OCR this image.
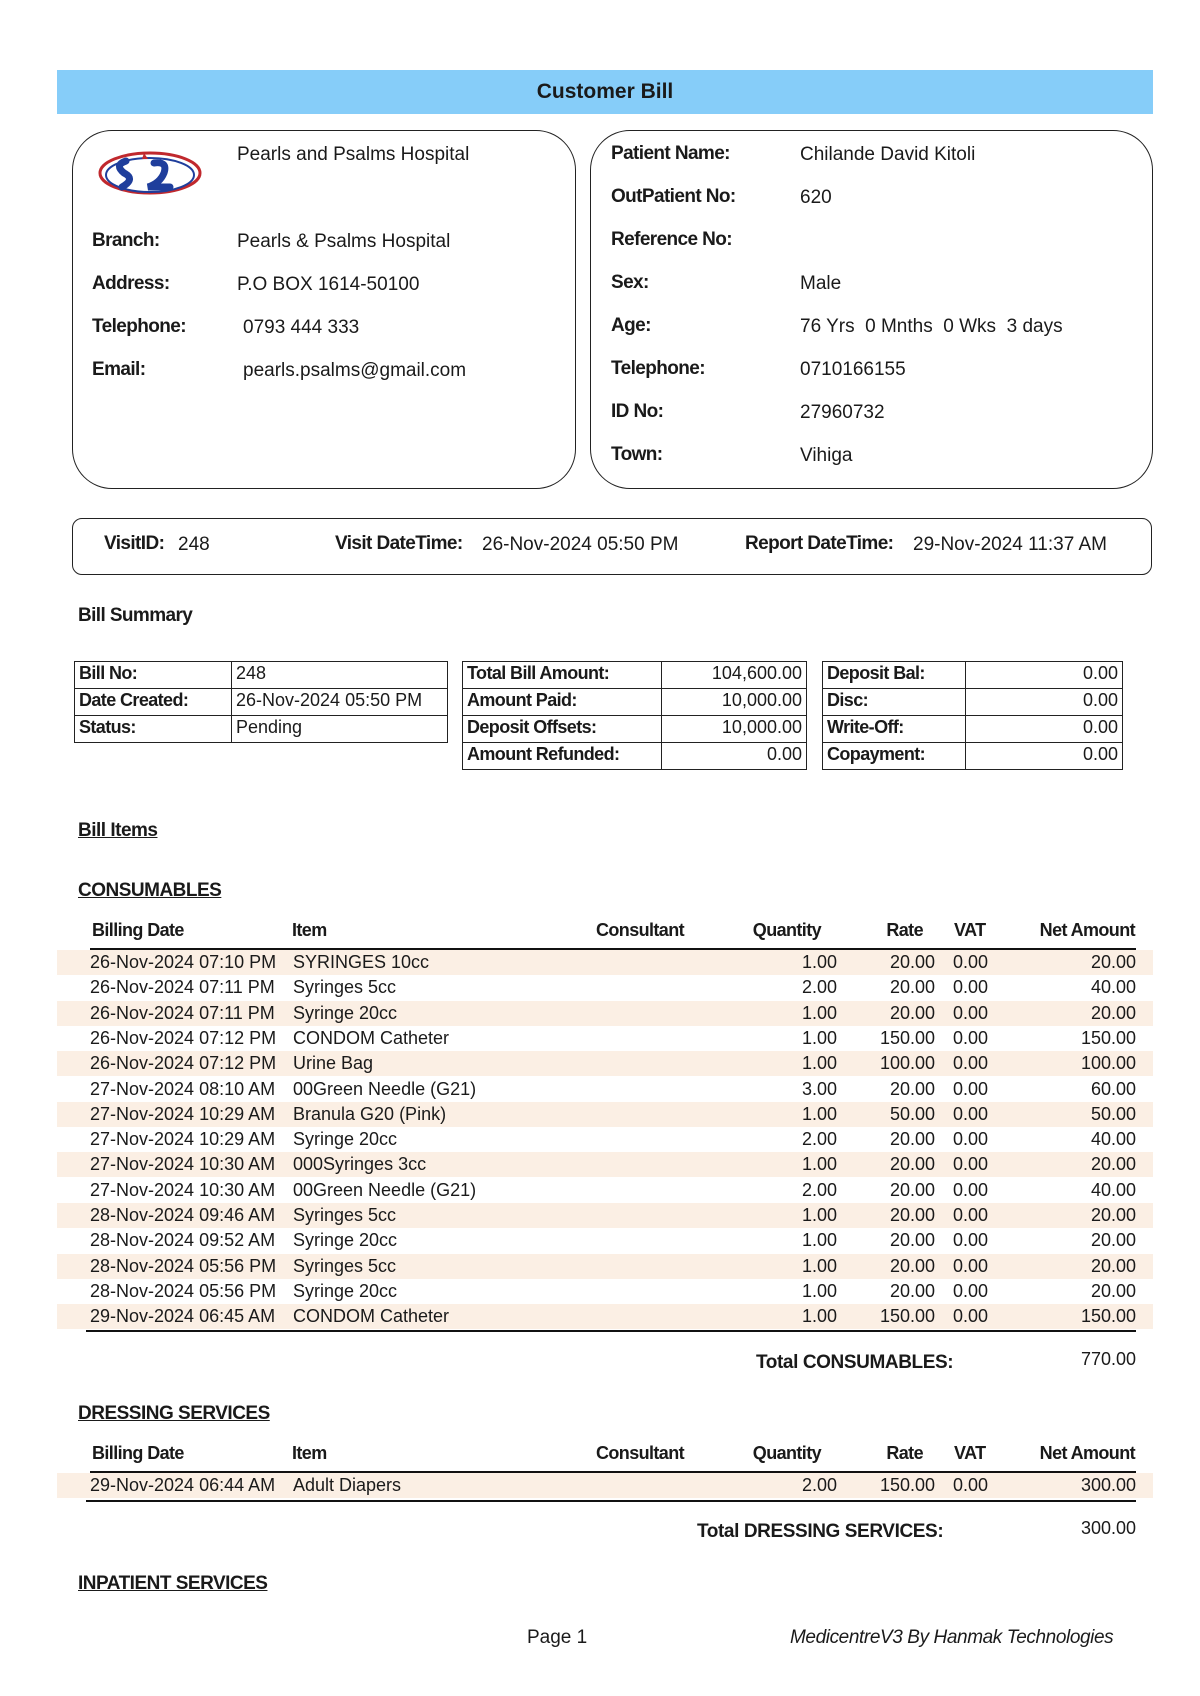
Customer Bill
Pearls and Psalms Hospital
Branch:	Pearls & Psalms Hospital
Address:	P.O BOX 1614-50100
Telephone:	0793 444 333
Email:	pearls.psalms@gmail.com
Patient Name:	Chilande David Kitoli
OutPatient No:	620
Reference No:
Sex:	Male
Age:	76 Yrs  0 Mnths  0 Wks  3 days
Telephone:	0710166155
ID No:	27960732
Town:	Vihiga
VisitID: 248	Visit DateTime: 26-Nov-2024 05:50 PM	Report DateTime: 29-Nov-2024 11:37 AM
Bill Summary
Bill No:	248
Date Created:	26-Nov-2024 05:50 PM
Status:	Pending
Total Bill Amount:	104,600.00
Amount Paid:	10,000.00
Deposit Offsets:	10,000.00
Amount Refunded:	0.00
Deposit Bal:	0.00
Disc:	0.00
Write-Off:	0.00
Copayment:	0.00
Bill Items
CONSUMABLES
Billing Date	Item	Consultant	Quantity	Rate VAT	Net Amount
26-Nov-2024 07:10 PM SYRINGES 10cc	1.00	20.00 0.00	20.00
26-Nov-2024 07:11 PM Syringes 5cc	2.00	20.00 0.00	40.00
26-Nov-2024 07:11 PM Syringe 20cc	1.00	20.00 0.00	20.00
26-Nov-2024 07:12 PM CONDOM Catheter	1.00 150.00 0.00	150.00
26-Nov-2024 07:12 PM Urine Bag	1.00 100.00 0.00	100.00
27-Nov-2024 08:10 AM 00Green Needle (G21)	3.00	20.00 0.00	60.00
27-Nov-2024 10:29 AM Branula G20 (Pink)	1.00	50.00 0.00	50.00
27-Nov-2024 10:29 AM Syringe 20cc	2.00	20.00 0.00	40.00
27-Nov-2024 10:30 AM 000Syringes 3cc	1.00	20.00 0.00	20.00
27-Nov-2024 10:30 AM 00Green Needle (G21)	2.00	20.00 0.00	40.00
28-Nov-2024 09:46 AM Syringes 5cc	1.00	20.00 0.00	20.00
28-Nov-2024 09:52 AM Syringe 20cc	1.00	20.00 0.00	20.00
28-Nov-2024 05:56 PM Syringes 5cc	1.00	20.00 0.00	20.00
28-Nov-2024 05:56 PM Syringe 20cc	1.00	20.00 0.00	20.00
29-Nov-2024 06:45 AM CONDOM Catheter	1.00 150.00 0.00	150.00
Total CONSUMABLES:	770.00
DRESSING SERVICES
Billing Date	Item	Consultant	Quantity	Rate VAT	Net Amount
29-Nov-2024 06:44 AM Adult Diapers	2.00 150.00 0.00	300.00
Total DRESSING SERVICES:	300.00
INPATIENT SERVICES
Page 1	MedicentreV3 By Hanmak Technologies
